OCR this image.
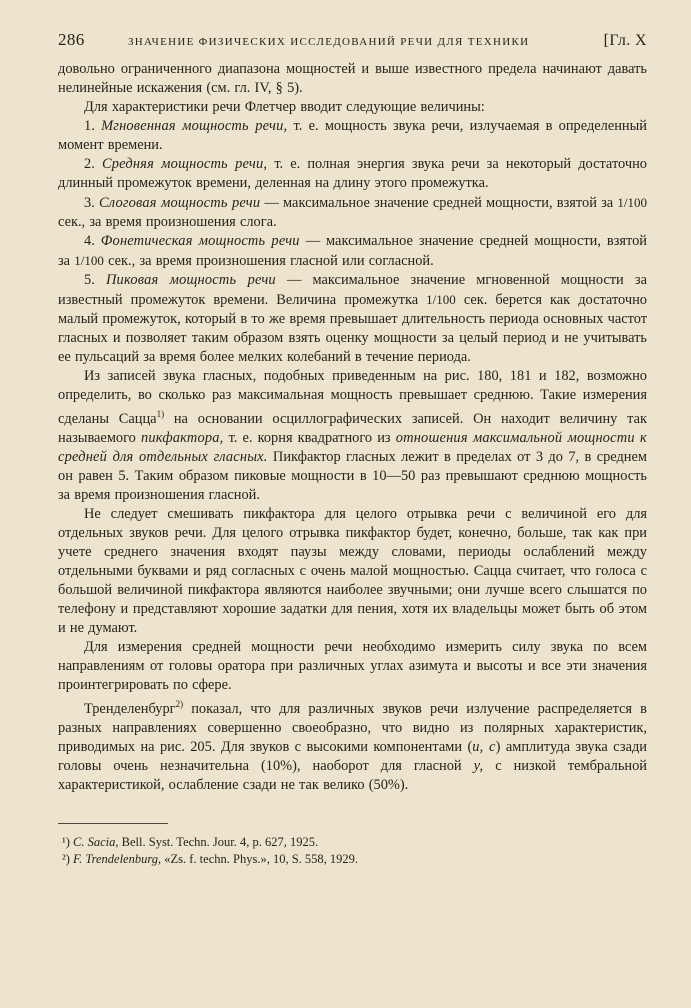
286	ЗНАЧЕНИЕ ФИЗИЧЕСКИХ ИССЛЕДОВАНИЙ РЕЧИ ДЛЯ ТЕХНИКИ	[Гл. X

довольно ограниченного диапазона мощностей и выше известного предела начинают давать нелинейные искажения (см. гл. IV, § 5).

Для характеристики речи Флетчер вводит следующие величины:

1. Мгновенная мощность речи, т. е. мощность звука речи, излучаемая в определенный момент времени.

2. Средняя мощность речи, т. е. полная энергия звука речи за некоторый достаточно длинный промежуток времени, деленная на длину этого промежутка.

3. Слоговая мощность речи — максимальное значение средней мощности, взятой за 1/100 сек., за время произношения слога.

4. Фонетическая мощность речи — максимальное значение средней мощности, взятой за 1/100 сек., за время произношения гласной или согласной.

5. Пиковая мощность речи — максимальное значение мгновенной мощности за известный промежуток времени. Величина промежутка 1/100 сек. берется как достаточно малый промежуток, который в то же время превышает длительность периода основных частот гласных и позволяет таким образом взять оценку мощности за целый период и не учитывать ее пульсаций за время более мелких колебаний в течение периода.

Из записей звука гласных, подобных приведенным на рис. 180, 181 и 182, возможно определить, во сколько раз максимальная мощность превышает среднюю. Такие измерения сделаны Сацца$^{1)}$ на основании осциллографических записей. Он находит величину так называемого пикфактора, т. е. корня квадратного из отношения максимальной мощности к средней для отдельных гласных. Пикфактор гласных лежит в пределах от 3 до 7, в среднем он равен 5. Таким образом пиковые мощности в 10—50 раз превышают среднюю мощность за время произношения гласной.

Не следует смешивать пикфактора для целого отрывка речи с величиной его для отдельных звуков речи. Для целого отрывка пикфактор будет, конечно, больше, так как при учете среднего значения входят паузы между словами, периоды ослаблений между отдельными буквами и ряд согласных с очень малой мощностью. Сацца считает, что голоса с большой величиной пикфактора являются наиболее звучными; они лучше всего слышатся по телефону и представляют хорошие задатки для пения, хотя их владельцы может быть об этом и не думают.

Для измерения средней мощности речи необходимо измерить силу звука по всем направлениям от головы оратора при различных углах азимута и высоты и все эти значения проинтегрировать по сфере.

Тренделенбург$^{2)}$ показал, что для различных звуков речи излучение распределяется в разных направлениях совершенно своеобразно, что видно из полярных характеристик, приводимых на рис. 205. Для звуков с высокими компонентами (и, с) амплитуда звука сзади головы очень незначительна (10%), наоборот для гласной у, с низкой тембральной характеристикой, ослабление сзади не так велико (50%).

¹) C. Sacia, Bell. Syst. Techn. Jour. 4, p. 627, 1925.

²) F. Trendelenburg, «Zs. f. techn. Phys.», 10, S. 558, 1929.
